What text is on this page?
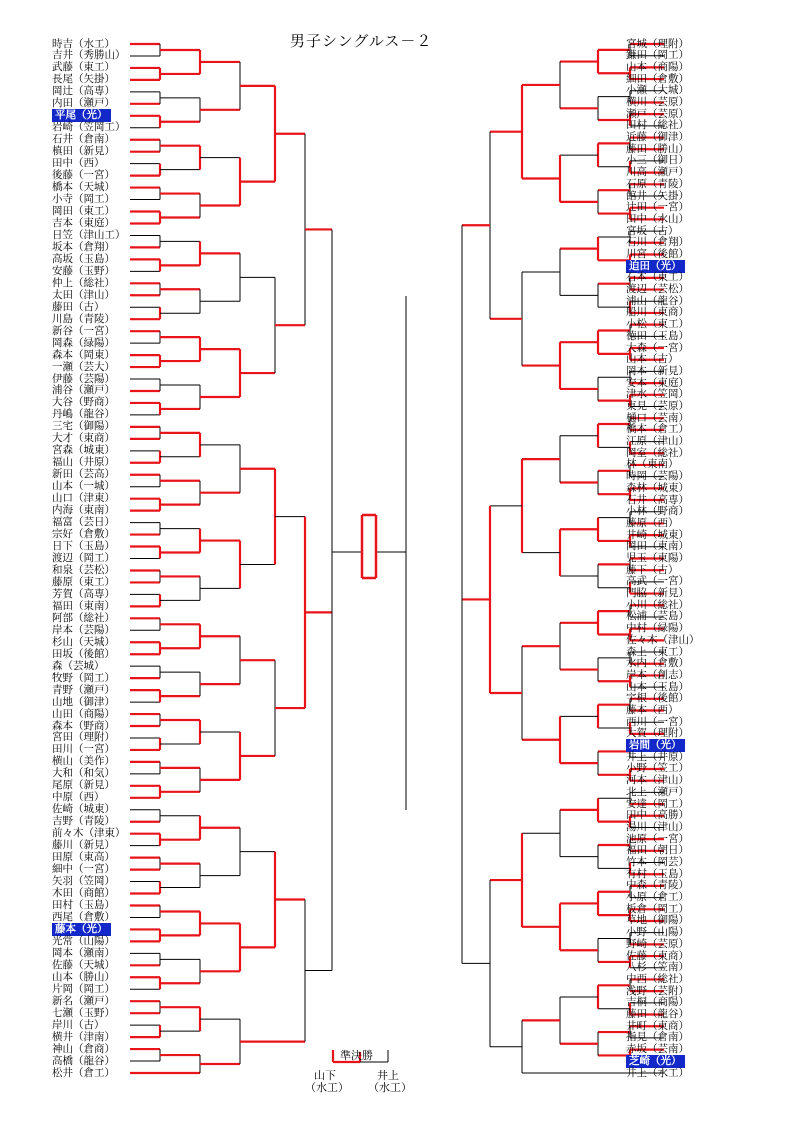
男子シングルス－２
時吉（水工）
吉井（秀勝山）
武藤（東工）
長尾（矢掛）
岡辻（高専）
内田（瀬戸）
平尾（光）
岩崎（笠岡工）
石井（倉南）
槙田（新見）
田中（西）
後藤（一宮）
橋本（天城）
小寺（岡工）
岡田（東工）
吉本（東庭）
日笠（津山工）
坂本（倉翔）
高坂（玉島）
安藤（玉野）
仲上（総社）
太田（津山）
藤田（古）
川島（青陵）
新谷（一宮）
岡森（緑陽）
森本（岡東）
一瀬（芸大）
伊藤（芸陽）
浦谷（瀬戸）
大谷（野商）
丹嶋（龍谷）
三宅（御陽）
大才（東商）
宮森（城東）
福山（井原）
新田（芸高）
山本（一城）
山口（津東）
内海（東南）
福富（芸日）
宗好（倉敷）
日下（玉島）
渡辺（岡工）
和泉（芸松）
藤原（東工）
芳賀（高専）
福田（東南）
阿部（総社）
岸本（芸陽）
杉山（天城）
田坂（後館）
森（芸城）
牧野（岡工）
青野（瀬戸）
山地（御津）
山田（商陽）
森本（野商）
宮田（理附）
田川（一宮）
横山（美作）
大和（和気）
尾原（新見）
中原（西）
佐崎（城東）
吉野（青陵）
前々木（津東）
藤川（新見）
田原（東高）
細中（一宮）
矢羽（笠岡）
木田（商館）
田村（玉島）
西尾（倉敷）
藤本（光）
光常（山陽）
岡本（瀬南）
佐藤（天城）
山本（勝山）
片岡（岡工）
新名（瀬戸）
七瀬（玉野）
岸川（古）
横井（津南）
神山（倉商）
高橋（龍谷）
松井（倉工）
宮城（理附）
鎌田（岡工）
山本（商陽）
細田（倉敷）
小瀬（大城）
横川（芸原）
瀬戸（芸原）
田村（総社）
近藤（御津）
藤田（勝山）
小三（御日）
川高（瀬戸）
石原（青陵）
館井（矢掛）
辻田（一宮）
田中（水山）
宮坂（古）
石川（倉翔）
川宮（後館）
迫田（光）
石本（東工）
渡辺（芸松）
浦山（龍谷）
船川（東商）
小松（東工）
徳田（玉島）
大森（一宮）
山本（古）
岡本（新見）
安本（東庭）
津水（笠岡）
東見（芸原）
樋口（芸南）
橋本（倉工）
江原（津山）
岡室（総社）
林（東南）
時岡（芸陽）
森林（城東）
石井（高専）
小林（野商）
藤原（西）
井崎（城東）
岡田（東南）
児玉（東陽）
藤下（古）
高武（一宮）
門脇（新見）
小川（総社）
松浦（芸島）
中村（緑陽）
佐々木（津山）
森上（東工）
水内（倉敷）
岸本（創志）
山本（玉島）
宇根（後館）
藤本（西）
西川（一宮）
大賀（理附）
岩間（光）
井上（井原）
小野（笠工）
河本（津山）
北上（瀬戸）
安達（岡工）
田中（高勝）
湯川（津山）
池原（一宮）
福田（朝日）
竹本（岡芸）
有村（玉島）
中森（青陵）
小原（倉工）
板倉（岡工）
草地（御陽）
小野（山陽）
野崎（芸原）
佐藤（東商）
八杉（笠南）
中西（総社）
浅野（芸附）
吉桐（商陽）
藤田（龍谷）
井町（東商）
指見（倉南）
赤坂（芸南）
芝崎（光）
井上（水工）
準決勝
山下
（水工）
井上
（水工）
